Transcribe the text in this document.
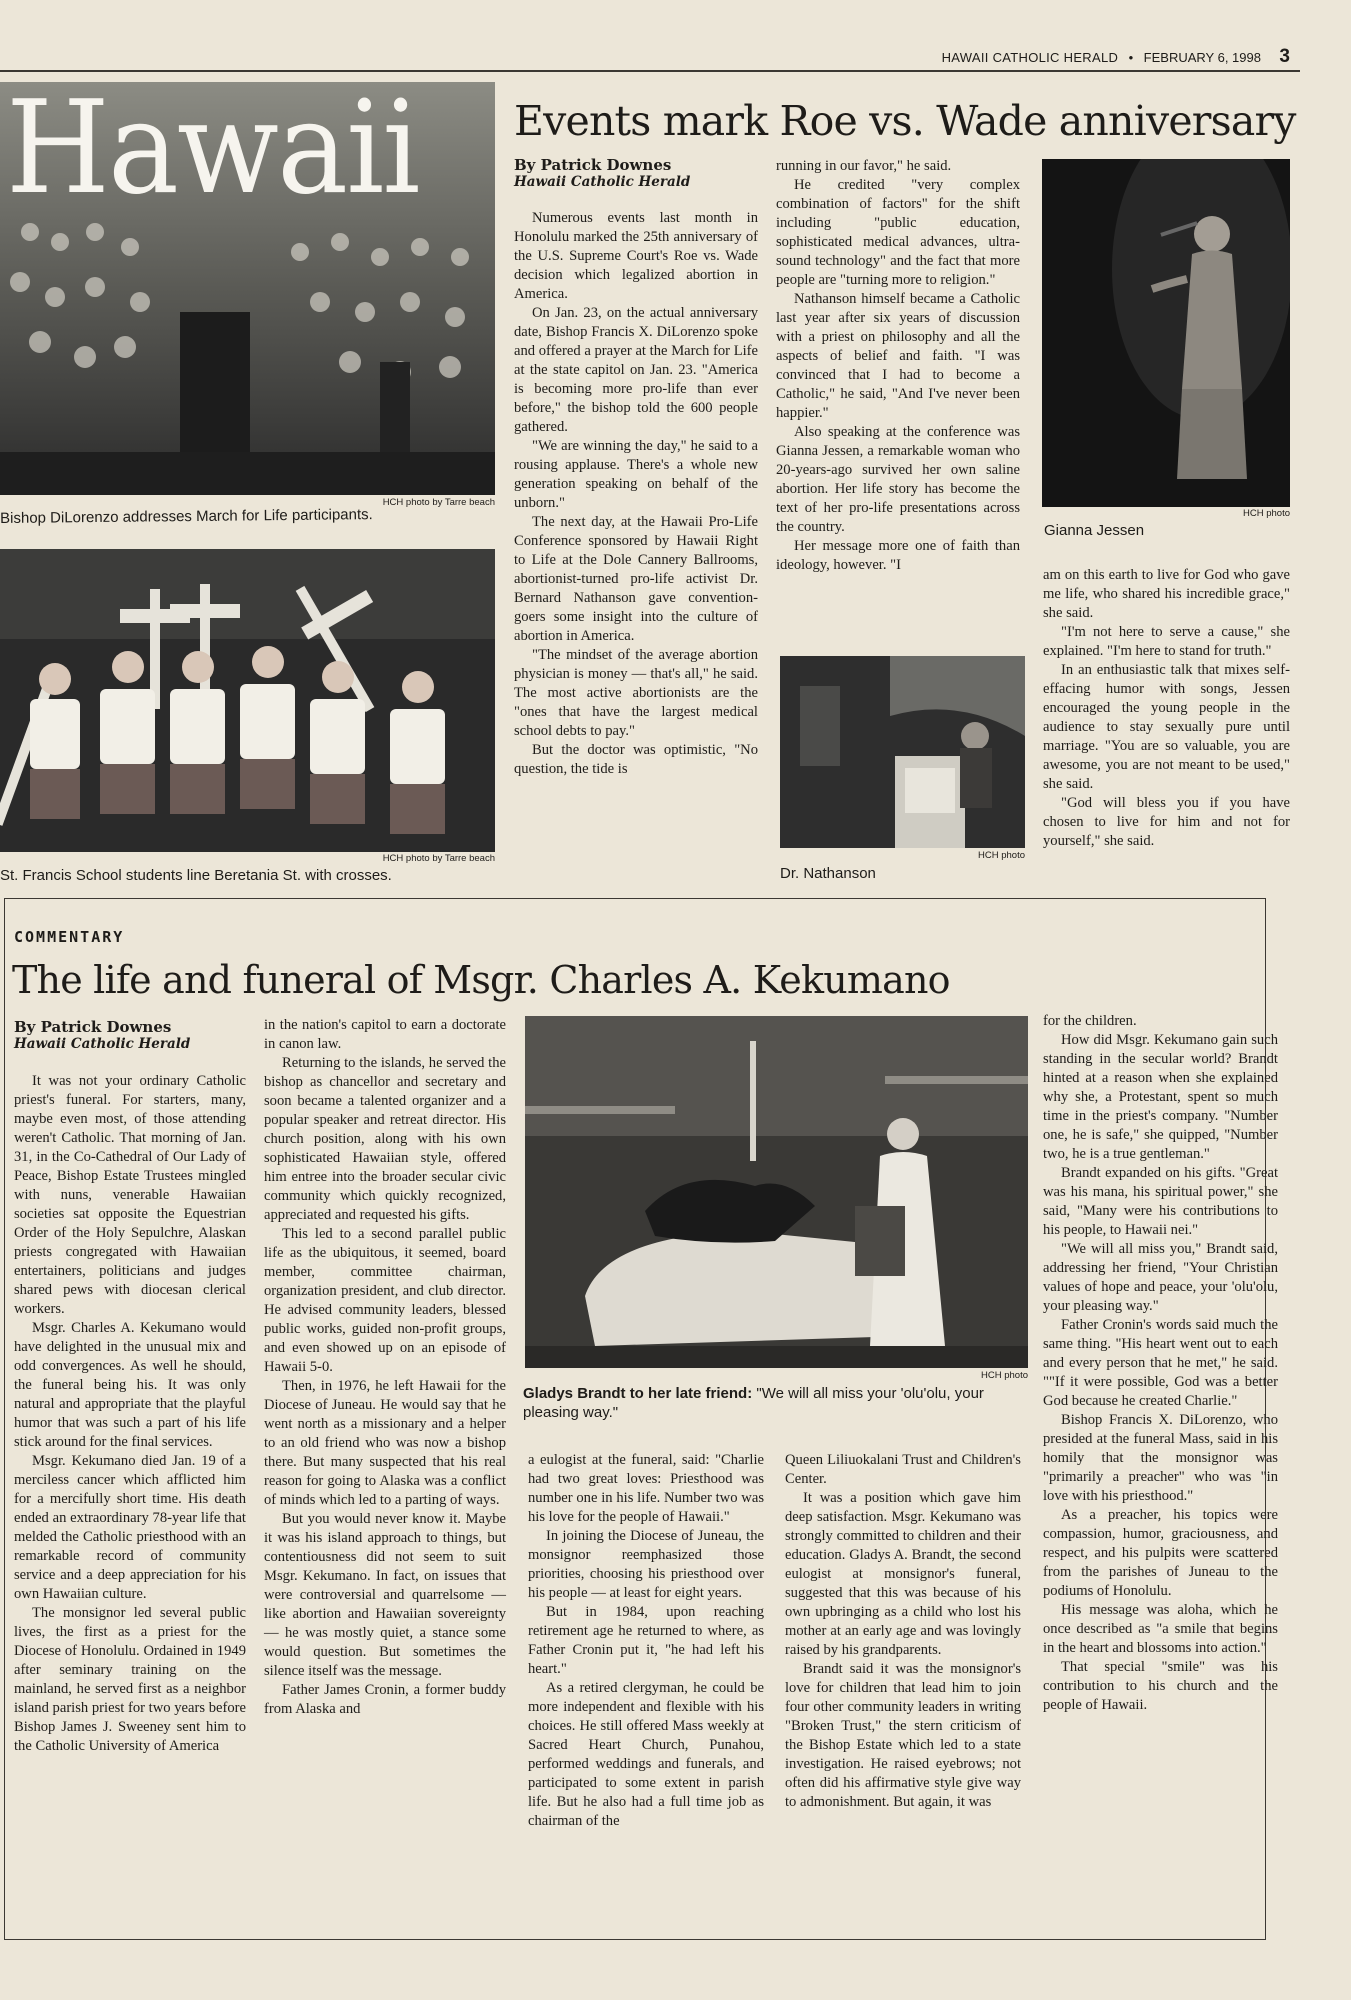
HAWAII CATHOLIC HERALD • FEBRUARY 6, 1998 3
Hawaii
HCH photo by Tarre beach
Bishop DiLorenzo addresses March for Life participants.
HCH photo by Tarre beach
St. Francis School students line Beretania St. with crosses.
Events mark Roe vs. Wade anniversary
By Patrick Downes
Hawaii Catholic Herald

Numerous events last month in Honolulu marked the 25th anniversary of the U.S. Supreme Court's Roe vs. Wade decision which legalized abortion in America.

On Jan. 23, on the actual anniversary date, Bishop Francis X. DiLorenzo spoke and offered a prayer at the March for Life at the state capitol on Jan. 23. "America is becoming more pro-life than ever before," the bishop told the 600 people gathered.

"We are winning the day," he said to a rousing applause. There's a whole new generation speaking on behalf of the unborn."

The next day, at the Hawaii Pro-Life Conference sponsored by Hawaii Right to Life at the Dole Cannery Ballrooms, abortionist-turned pro-life activist Dr. Bernard Nathanson gave convention-goers some insight into the culture of abortion in America.

"The mindset of the average abortion physician is money — that's all," he said. The most active abortionists are the "ones that have the largest medical school debts to pay."

But the doctor was optimistic, "No question, the tide is

running in our favor," he said.

He credited "very complex combination of factors" for the shift including "public education, sophisticated medical advances, ultra-sound technology" and the fact that more people are "turning more to religion."

Nathanson himself became a Catholic last year after six years of discussion with a priest on philosophy and all the aspects of belief and faith. "I was convinced that I had to become a Catholic," he said, "And I've never been happier."

Also speaking at the conference was Gianna Jessen, a remarkable woman who 20-years-ago survived her own saline abortion. Her life story has become the text of her pro-life presentations across the country.

Her message more one of faith than ideology, however. "I

HCH photo
Dr. Nathanson
HCH photo
Gianna Jessen

am on this earth to live for God who gave me life, who shared his incredible grace," she said.

"I'm not here to serve a cause," she explained. "I'm here to stand for truth."

In an enthusiastic talk that mixes self-effacing humor with songs, Jessen encouraged the young people in the audience to stay sexually pure until marriage. "You are so valuable, you are awesome, you are not meant to be used," she said.

"God will bless you if you have chosen to live for him and not for yourself," she said.

COMMENTARY
The life and funeral of Msgr. Charles A. Kekumano
By Patrick Downes
Hawaii Catholic Herald

It was not your ordinary Catholic priest's funeral. For starters, many, maybe even most, of those attending weren't Catholic. That morning of Jan. 31, in the Co-Cathedral of Our Lady of Peace, Bishop Estate Trustees mingled with nuns, venerable Hawaiian societies sat opposite the Equestrian Order of the Holy Sepulchre, Alaskan priests congregated with Hawaiian entertainers, politicians and judges shared pews with diocesan clerical workers.

Msgr. Charles A. Kekumano would have delighted in the unusual mix and odd convergences. As well he should, the funeral being his. It was only natural and appropriate that the playful humor that was such a part of his life stick around for the final services.

Msgr. Kekumano died Jan. 19 of a merciless cancer which afflicted him for a mercifully short time. His death ended an extraordinary 78-year life that melded the Catholic priesthood with an remarkable record of community service and a deep appreciation for his own Hawaiian culture.

The monsignor led several public lives, the first as a priest for the Diocese of Honolulu. Ordained in 1949 after seminary training on the mainland, he served first as a neighbor island parish priest for two years before Bishop James J. Sweeney sent him to the Catholic University of America

in the nation's capitol to earn a doctorate in canon law.

Returning to the islands, he served the bishop as chancellor and secretary and soon became a talented organizer and a popular speaker and retreat director. His church position, along with his own sophisticated Hawaiian style, offered him entree into the broader secular civic community which quickly recognized, appreciated and requested his gifts.

This led to a second parallel public life as the ubiquitous, it seemed, board member, committee chairman, organization president, and club director. He advised community leaders, blessed public works, guided non-profit groups, and even showed up on an episode of Hawaii 5-0.

Then, in 1976, he left Hawaii for the Diocese of Juneau. He would say that he went north as a missionary and a helper to an old friend who was now a bishop there. But many suspected that his real reason for going to Alaska was a conflict of minds which led to a parting of ways.

But you would never know it. Maybe it was his island approach to things, but contentiousness did not seem to suit Msgr. Kekumano. In fact, on issues that were controversial and quarrelsome — like abortion and Hawaiian sovereignty — he was mostly quiet, a stance some would question. But sometimes the silence itself was the message.

Father James Cronin, a former buddy from Alaska and

HCH photo
Gladys Brandt to her late friend: "We will all miss your 'olu'olu, your pleasing way."

a eulogist at the funeral, said: "Charlie had two great loves: Priesthood was number one in his life. Number two was his love for the people of Hawaii."

In joining the Diocese of Juneau, the monsignor reemphasized those priorities, choosing his priesthood over his people — at least for eight years.

But in 1984, upon reaching retirement age he returned to where, as Father Cronin put it, "he had left his heart."

As a retired clergyman, he could be more independent and flexible with his choices. He still offered Mass weekly at Sacred Heart Church, Punahou, performed weddings and funerals, and participated to some extent in parish life. But he also had a full time job as chairman of the

Queen Liliuokalani Trust and Children's Center.

It was a position which gave him deep satisfaction. Msgr. Kekumano was strongly committed to children and their education. Gladys A. Brandt, the second eulogist at monsignor's funeral, suggested that this was because of his own upbringing as a child who lost his mother at an early age and was lovingly raised by his grandparents.

Brandt said it was the monsignor's love for children that lead him to join four other community leaders in writing "Broken Trust," the stern criticism of the Bishop Estate which led to a state investigation. He raised eyebrows; not often did his affirmative style give way to admonishment. But again, it was

for the children.

How did Msgr. Kekumano gain such standing in the secular world? Brandt hinted at a reason when she explained why she, a Protestant, spent so much time in the priest's company. "Number one, he is safe," she quipped, "Number two, he is a true gentleman."

Brandt expanded on his gifts. "Great was his mana, his spiritual power," she said, "Many were his contributions to his people, to Hawaii nei."

"We will all miss you," Brandt said, addressing her friend, "Your Christian values of hope and peace, your 'olu'olu, your pleasing way."

Father Cronin's words said much the same thing. "His heart went out to each and every person that he met," he said. ""If it were possible, God was a better God because he created Charlie."

Bishop Francis X. DiLorenzo, who presided at the funeral Mass, said in his homily that the monsignor was "primarily a preacher" who was "in love with his priesthood."

As a preacher, his topics were compassion, humor, graciousness, and respect, and his pulpits were scattered from the parishes of Juneau to the podiums of Honolulu.

His message was aloha, which he once described as "a smile that begins in the heart and blossoms into action."

That special "smile" was his contribution to his church and the people of Hawaii.
